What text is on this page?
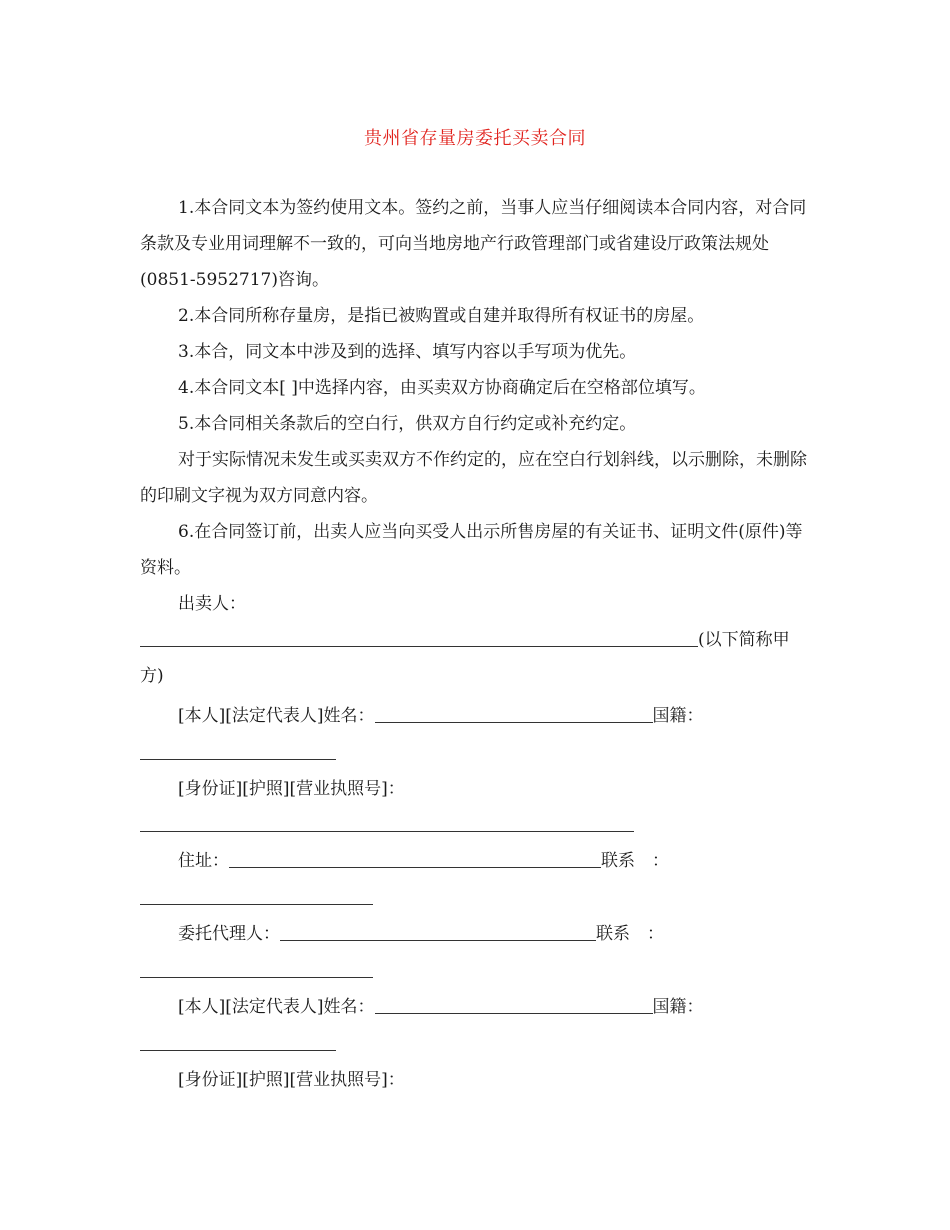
贵州省存量房委托买卖合同

1.本合同文本为签约使用文本。签约之前，当事人应当仔细阅读本合同内容，对合同条款及专业用词理解不一致的，可向当地房地产行政管理部门或省建设厅政策法规处(0851-5952717)咨询。

2.本合同所称存量房，是指已被购置或自建并取得所有权证书的房屋。

3.本合，同文本中涉及到的选择、填写内容以手写项为优先。

4.本合同文本[ ]中选择内容，由买卖双方协商确定后在空格部位填写。

5.本合同相关条款后的空白行，供双方自行约定或补充约定。

对于实际情况未发生或买卖双方不作约定的，应在空白行划斜线，以示删除，未删除的印刷文字视为双方同意内容。

6.在合同签订前，出卖人应当向买受人出示所售房屋的有关证书、证明文件(原件)等资料。

出卖人：
(以下简称甲
方)
[本人][法定代表人]姓名：	国籍：
[身份证][护照][营业执照号]：
住址：	联系　：
委托代理人：	联系　：
[本人][法定代表人]姓名：	国籍：
[身份证][护照][营业执照号]：
